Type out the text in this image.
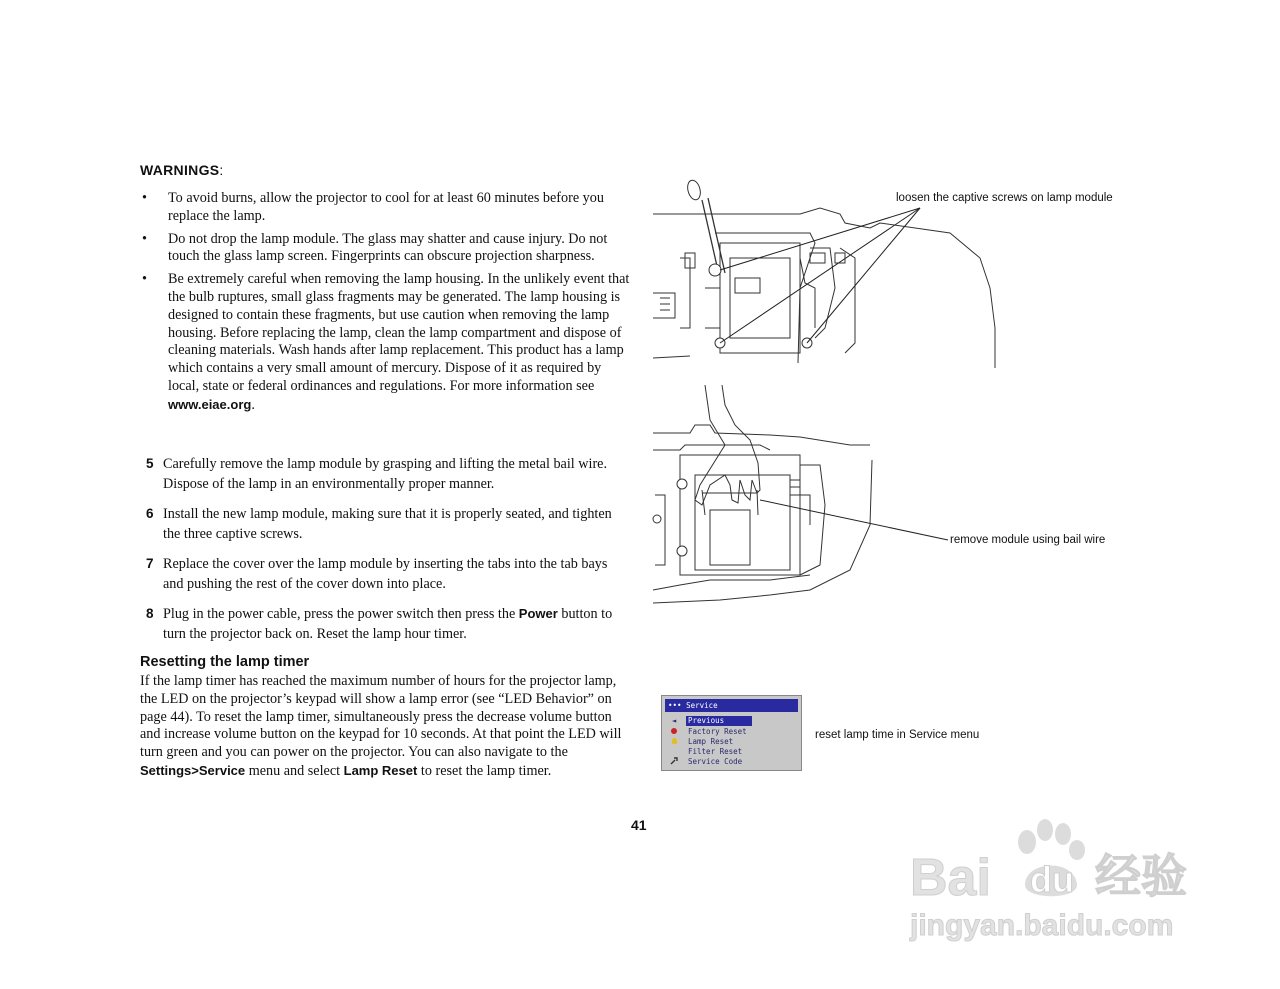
WARNINGS:
• To avoid burns, allow the projector to cool for at least 60 minutes before you replace the lamp.
• Do not drop the lamp module. The glass may shatter and cause injury. Do not touch the glass lamp screen. Fingerprints can obscure projection sharpness.
• Be extremely careful when removing the lamp housing. In the unlikely event that the bulb ruptures, small glass fragments may be generated. The lamp housing is designed to contain these fragments, but use caution when removing the lamp housing. Before replacing the lamp, clean the lamp compartment and dispose of cleaning materials. Wash hands after lamp replacement. This product has a lamp which contains a very small amount of mercury. Dispose of it as required by local, state or federal ordinances and regulations. For more information see www.eiae.org.
5 Carefully remove the lamp module by grasping and lifting the metal bail wire. Dispose of the lamp in an environmentally proper manner.
6 Install the new lamp module, making sure that it is properly seated, and tighten the three captive screws.
7 Replace the cover over the lamp module by inserting the tabs into the tab bays and pushing the rest of the cover down into place.
8 Plug in the power cable, press the power switch then press the Power button to turn the projector back on. Reset the lamp hour timer.
Resetting the lamp timer

If the lamp timer has reached the maximum number of hours for the projector lamp, the LED on the projector’s keypad will show a lamp error (see “LED Behavior” on page 44). To reset the lamp timer, simultaneously press the decrease volume button and increase volume button on the keypad for 10 seconds. At that point the LED will turn green and you can power on the projector. You can also navigate to the Settings>Service menu and select Lamp Reset to reset the lamp timer.

41
loosen the captive screws on lamp module
remove module using bail wire
••• Service
◄ Previous
Factory Reset
Lamp Reset
Filter Reset
Service Code
reset lamp time in Service menu
Bai du 经验
jingyan.baidu.com
